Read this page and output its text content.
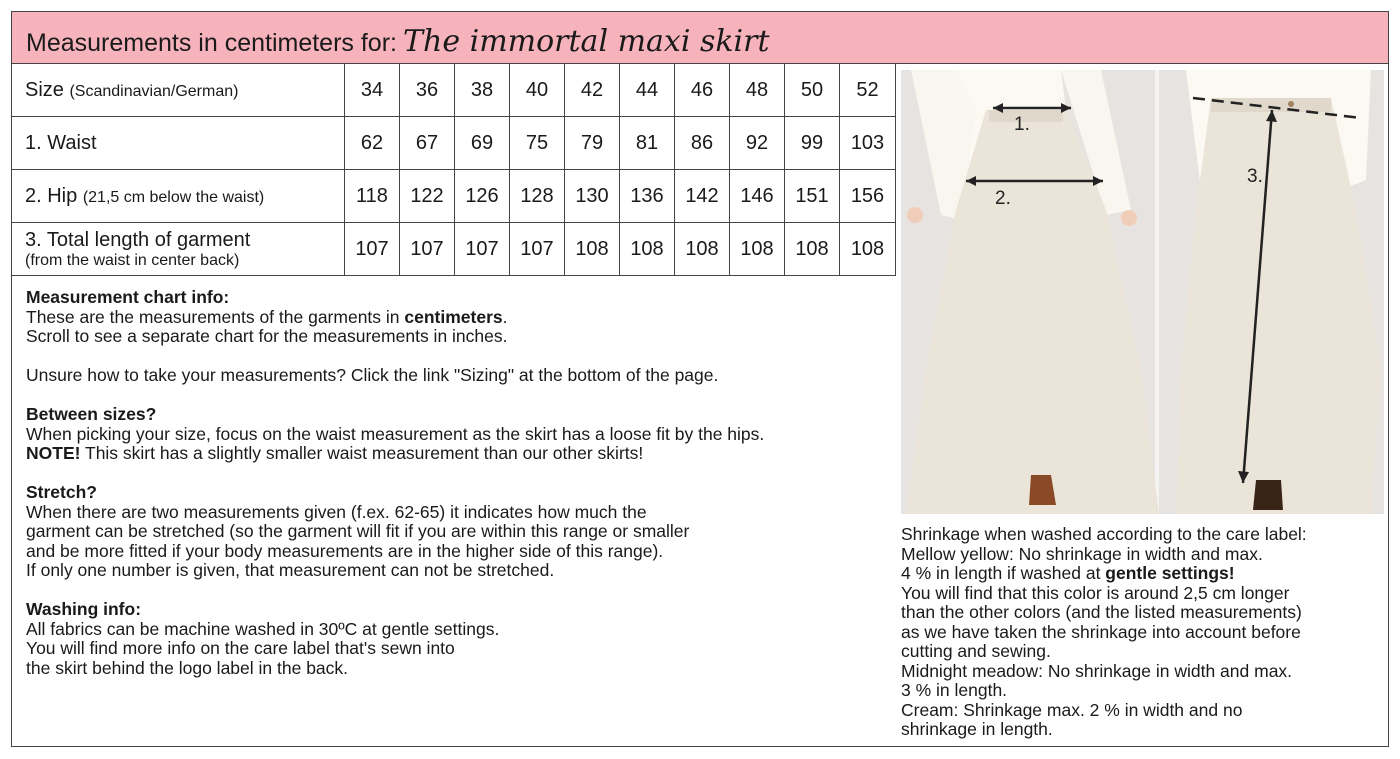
Measurements in centimeters for: The immortal maxi skirt
Size (Scandinavian/German)	34	36	38	40	42	44	46	48	50	52
1. Waist	62	67	69	75	79	81	86	92	99	103
2. Hip (21,5 cm below the waist)	118	122	126	128	130	136	142	146	151	156
3. Total length of garment
(from the waist in center back)	107	107	107	107	108	108	108	108	108	108

Measurement chart info:
These are the measurements of the garments in centimeters.
Scroll to see a separate chart for the measurements in inches.

Unsure how to take your measurements? Click the link "Sizing" at the bottom of the page.

Between sizes?
When picking your size, focus on the waist measurement as the skirt has a loose fit by the hips.
NOTE! This skirt has a slightly smaller waist measurement than our other skirts!

Stretch?
When there are two measurements given (f.ex. 62-65) it indicates how much the
garment can be stretched (so the garment will fit if you are within this range or smaller
and be more fitted if your body measurements are in the higher side of this range).
If only one number is given, that measurement can not be stretched.

Washing info:
All fabrics can be machine washed in 30ºC at gentle settings.
You will find more info on the care label that's sewn into
the skirt behind the logo label in the back.

1.
2.
3.
Shrinkage when washed according to the care label:
Mellow yellow: No shrinkage in width and max.
4 % in length if washed at gentle settings!
You will find that this color is around 2,5 cm longer
than the other colors (and the listed measurements)
as we have taken the shrinkage into account before
cutting and sewing.
Midnight meadow: No shrinkage in width and max.
3 % in length.
Cream: Shrinkage max. 2 % in width and no
shrinkage in length.
